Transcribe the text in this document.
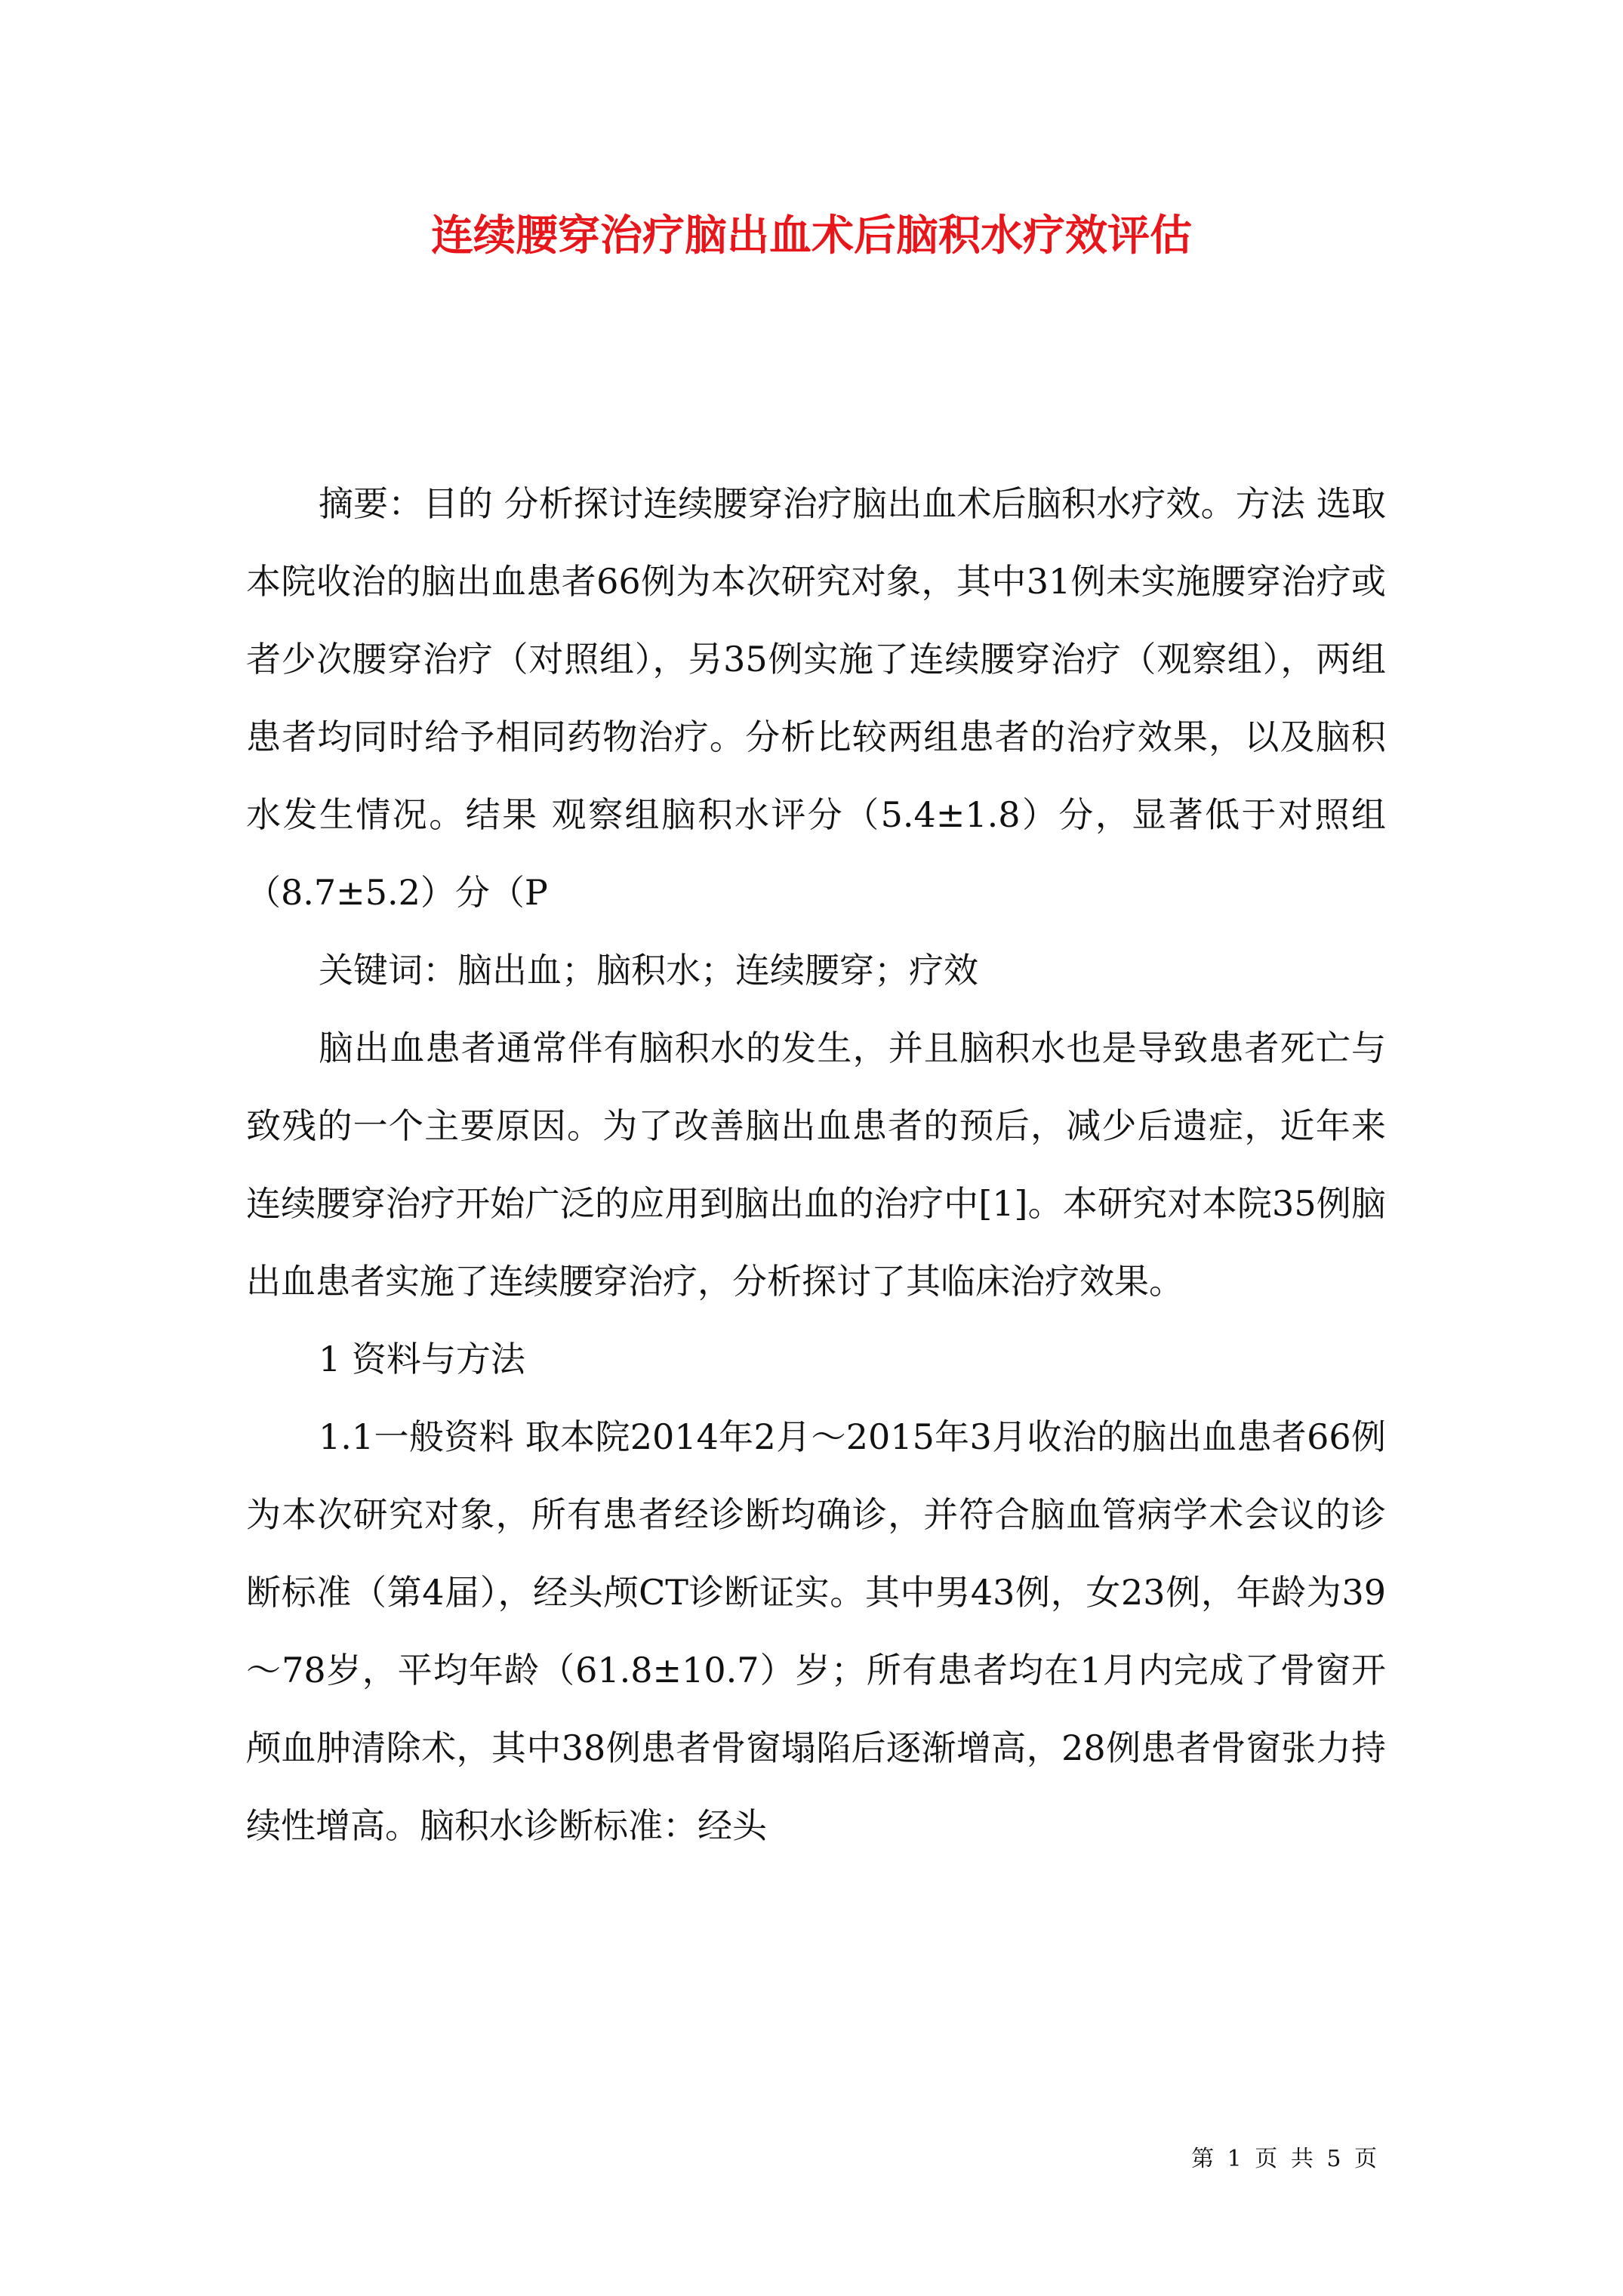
连续腰穿治疗脑出血术后脑积水疗效评估

摘要：目的 分析探讨连续腰穿治疗脑出血术后脑积水疗效。方法 选取本院收治的脑出血患者66例为本次研究对象，其中31例未实施腰穿治疗或者少次腰穿治疗（对照组），另35例实施了连续腰穿治疗（观察组），两组患者均同时给予相同药物治疗。分析比较两组患者的治疗效果，以及脑积水发生情况。结果 观察组脑积水评分（5.4±1.8）分，显著低于对照组（8.7±5.2）分（P

关键词：脑出血；脑积水；连续腰穿；疗效

脑出血患者通常伴有脑积水的发生，并且脑积水也是导致患者死亡与致残的一个主要原因。为了改善脑出血患者的预后，减少后遗症，近年来连续腰穿治疗开始广泛的应用到脑出血的治疗中[1]。本研究对本院35例脑出血患者实施了连续腰穿治疗，分析探讨了其临床治疗效果。

1 资料与方法

1.1一般资料 取本院2014年2月～2015年3月收治的脑出血患者66例为本次研究对象，所有患者经诊断均确诊，并符合脑血管病学术会议的诊断标准（第4届），经头颅CT诊断证实。其中男43例，女23例，年龄为39～78岁，平均年龄（61.8±10.7）岁；所有患者均在1月内完成了骨窗开颅血肿清除术，其中38例患者骨窗塌陷后逐渐增高，28例患者骨窗张力持续性增高。脑积水诊断标准：经头

第 1 页 共 5 页
